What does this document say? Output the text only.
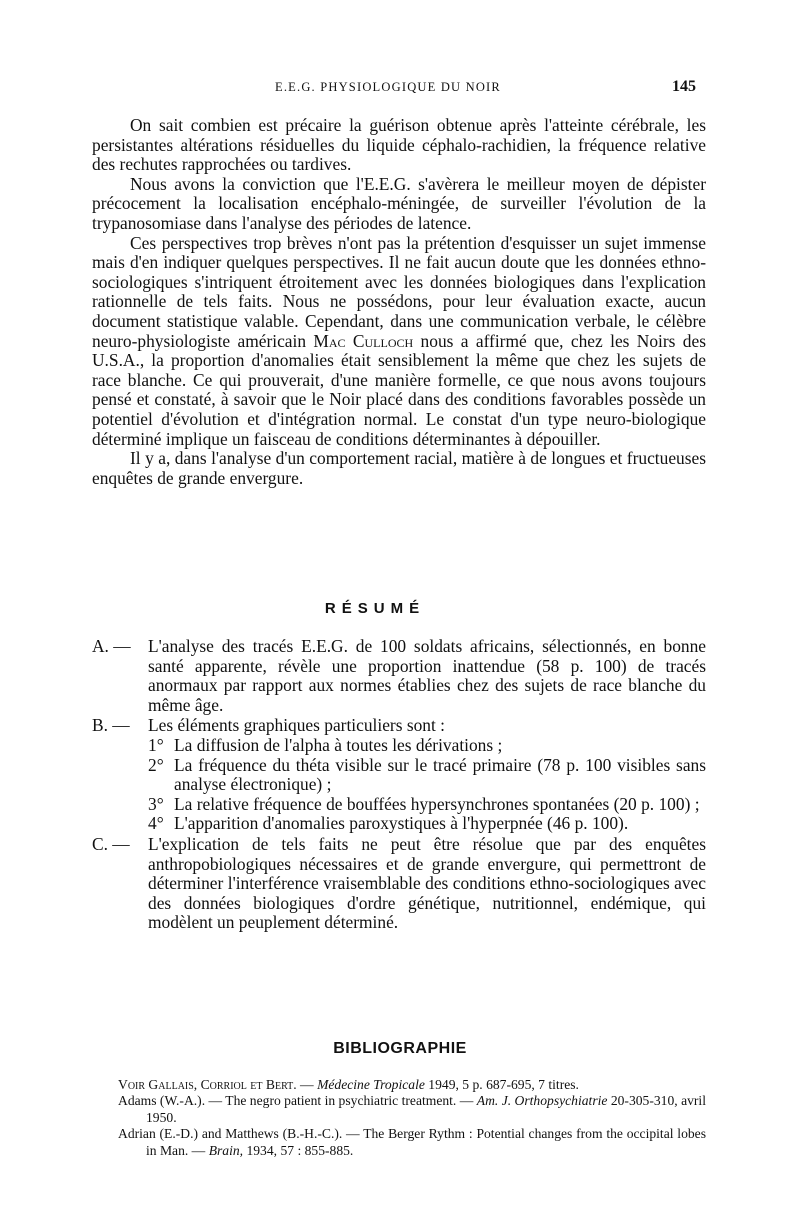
E.E.G. PHYSIOLOGIQUE DU NOIR	145

On sait combien est précaire la guérison obtenue après l'atteinte cérébrale, les persistantes altérations résiduelles du liquide céphalo-rachidien, la fréquence relative des rechutes rapprochées ou tardives.

Nous avons la conviction que l'E.E.G. s'avèrera le meilleur moyen de dépister précocement la localisation encéphalo-méningée, de surveiller l'évolution de la trypanosomiase dans l'analyse des périodes de latence.

Ces perspectives trop brèves n'ont pas la prétention d'esquisser un sujet immense mais d'en indiquer quelques perspectives. Il ne fait aucun doute que les données ethno-sociologiques s'intriquent étroitement avec les données biologiques dans l'explication rationnelle de tels faits. Nous ne possédons, pour leur évaluation exacte, aucun document statistique valable. Cependant, dans une communication verbale, le célèbre neuro-physiologiste américain Mac Culloch nous a affirmé que, chez les Noirs des U.S.A., la proportion d'anomalies était sensiblement la même que chez les sujets de race blanche. Ce qui prouverait, d'une manière formelle, ce que nous avons toujours pensé et constaté, à savoir que le Noir placé dans des conditions favorables possède un potentiel d'évolution et d'intégration normal. Le constat d'un type neuro-biologique déterminé implique un faisceau de conditions déterminantes à dépouiller.

Il y a, dans l'analyse d'un comportement racial, matière à de longues et fructueuses enquêtes de grande envergure.

RÉSUMÉ
A. — L'analyse des tracés E.E.G. de 100 soldats africains, sélectionnés, en bonne santé apparente, révèle une proportion inattendue (58 p. 100) de tracés anormaux par rapport aux normes établies chez des sujets de race blanche du même âge.
B. — Les éléments graphiques particuliers sont :
1° La diffusion de l'alpha à toutes les dérivations ;
2° La fréquence du théta visible sur le tracé primaire (78 p. 100 visibles sans analyse électronique) ;
3° La relative fréquence de bouffées hypersynchrones spontanées (20 p. 100) ;
4° L'apparition d'anomalies paroxystiques à l'hyperpnée (46 p. 100).
C. — L'explication de tels faits ne peut être résolue que par des enquêtes anthropobiologiques nécessaires et de grande envergure, qui permettront de déterminer l'interférence vraisemblable des conditions ethno-sociologiques avec des données biologiques d'ordre génétique, nutritionnel, endémique, qui modèlent un peuplement déterminé.
BIBLIOGRAPHIE

Voir Gallais, Corriol et Bert. — Médecine Tropicale 1949, 5 p. 687-695, 7 titres.

Adams (W.-A.). — The negro patient in psychiatric treatment. — Am. J. Orthopsychiatrie 20-305-310, avril 1950.

Adrian (E.-D.) and Matthews (B.-H.-C.). — The Berger Rythm : Potential changes from the occipital lobes in Man. — Brain, 1934, 57 : 855-885.
